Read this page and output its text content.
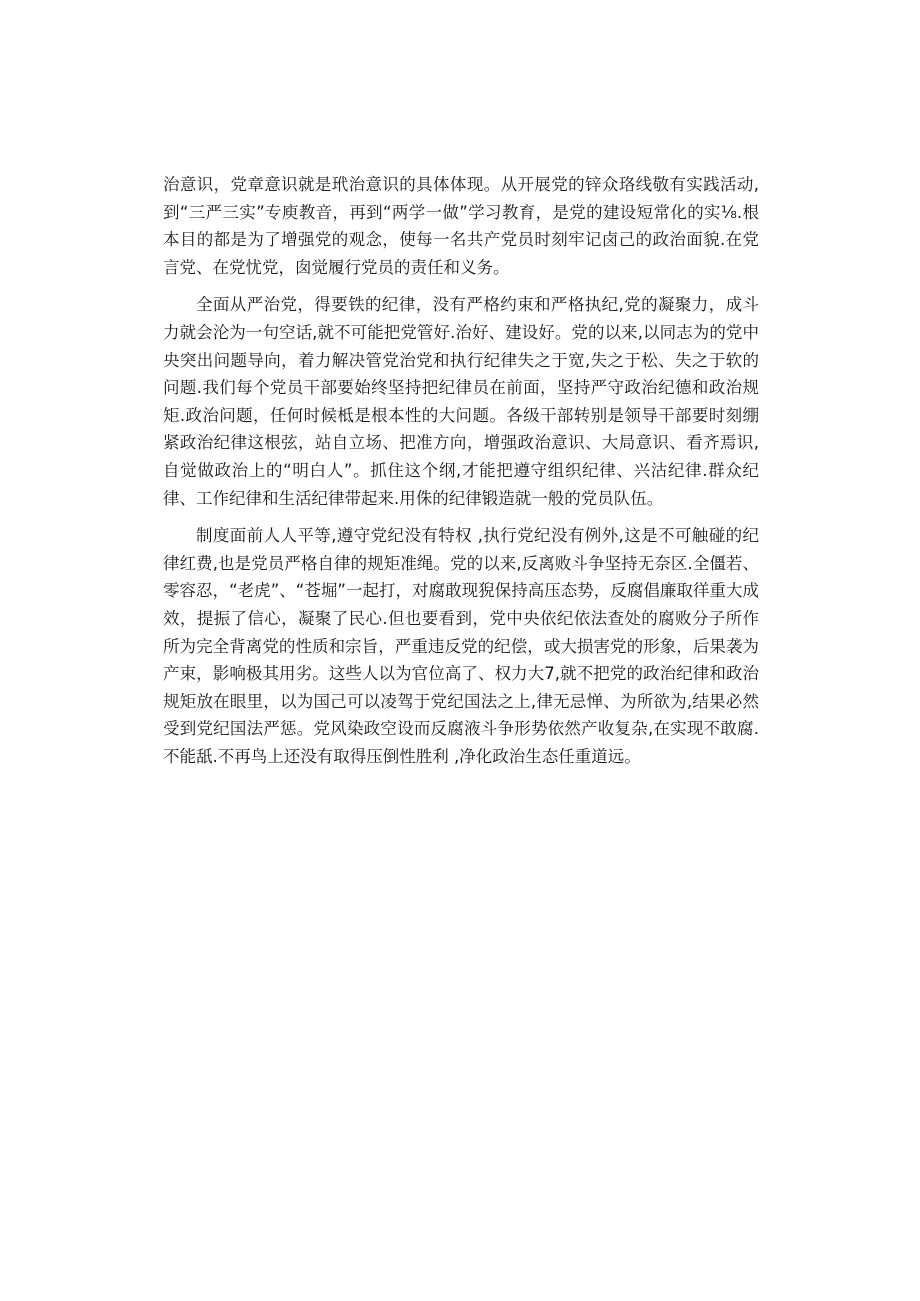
治意识，党章意识就是玳治意识的具体体现。从开展党的锌众珞线敬有实践活动,到“三严三实”专庾教音，再到“两学一做”学习教育，是党的建设短常化的实⅛.根本目的都是为了增强党的观念，使每一名共产党员时刻牢记卤己的政治面貌.在党言党、在党忧党，囱觉履行党员的责任和义务。

全面从严治党，得要铁的纪律，没有严格约束和严格执纪,党的凝聚力，成斗力就会沦为一句空话,就不可能把党管好.治好、建设好。党的以来,以同志为的党中央突出问题导向，着力解决管党治党和执行纪律失之于宽,失之于松、失之于软的问题.我们每个党员干部要始终坚持把纪律员在前面，坚持严守政治纪德和政治规矩.政治问题，任何时候柢是根本性的大问题。各级干部转别是领导干部要时刻绷紧政治纪律这根弦，站自立场、把准方向，增强政治意识、大局意识、看齐焉识,自觉做政治上的“明白人”。抓住这个纲,才能把遵守组织纪律、兴沽纪律.群众纪律、工作纪律和生活纪律带起来.用侏的纪律锻造就一般的党员队伍。

制度面前人人平等,遵守党纪没有特权 ,执行党纪没有例外,这是不可触碰的纪律红费,也是党员严格自律的规矩准绳。党的以来,反离败斗争坚持无奈区.全僵若、零容忍，“老虎”、“苍堀”一起打，对腐敢现猊保持高压态势，反腐倡廉取徉重大成效，提振了信心，凝聚了民心.但也要看到，党中央依纪依法查处的腐败分子所作所为完全背离党的性质和宗旨，严重违反党的纪偿，或大损害党的形象，后果袭为产束，影响极其用劣。这些人以为官位高了、权力大7,就不把党的政治纪律和政治规矩放在眼里，以为国己可以凌驾于党纪国法之上,律无忌惮、为所欲为,结果必然受到党纪国法严惩。党风染政空设而反腐液斗争形势依然产收复杂,在实现不敢腐.不能舐.不再鸟上还没有取得压倒性胜利 ,净化政治生态任重道远。
